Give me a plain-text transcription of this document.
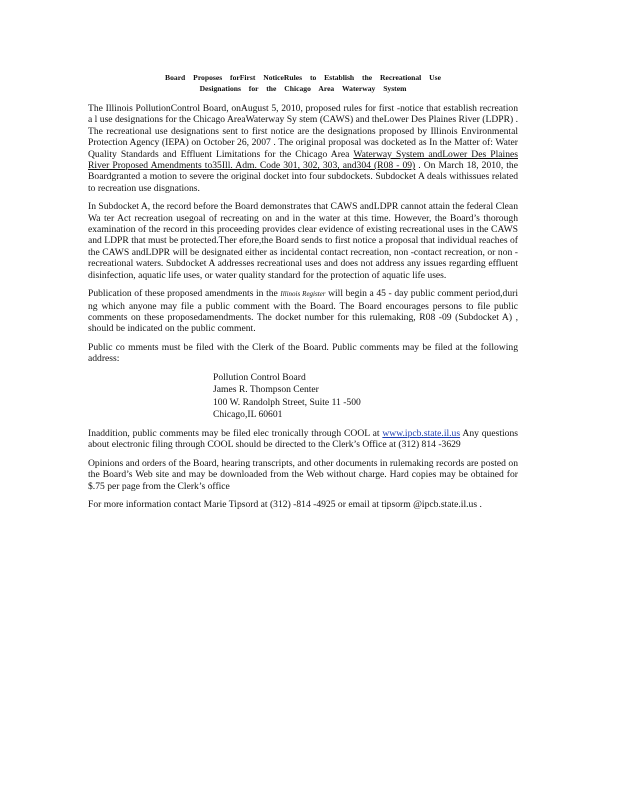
Board Proposes forFirst NoticeRules to Establish the Recreational Use
Designations for the Chicago Area Waterway System

The Illinois PollutionControl Board, onAugust 5, 2010, proposed rules for first -notice that establish recreation a l use designations for the Chicago AreaWaterway Sy stem (CAWS) and theLower Des Plaines River (LDPR) . The recreational use designations sent to first notice are the designations proposed by Illinois Environmental Protection Agency (IEPA) on October 26, 2007 . The original proposal was docketed as In the Matter of: Water Quality Standards and Effluent Limitations for the Chicago Area Waterway System andLower Des Plaines River Proposed Amendments to35Ill. Adm. Code 301, 302, 303, and304 (R08 - 09) . On March 18, 2010, the Boardgranted a motion to severe the original docket into four subdockets. Subdocket A deals withissues related to recreation use disgnations.

In Subdocket A, the record before the Board demonstrates that CAWS andLDPR cannot attain the federal Clean Wa ter Act recreation usegoal of recreating on and in the water at this time. However, the Board’s thorough examination of the record in this proceeding provides clear evidence of existing recreational uses in the CAWS and LDPR that must be protected.Ther efore,the Board sends to first notice a proposal that individual reaches of the CAWS andLDPR will be designated either as incidental contact recreation, non -contact recreation, or non -recreational waters. Subdocket A addresses recreational uses and does not address any issues regarding effluent disinfection, aquatic life uses, or water quality standard for the protection of aquatic life uses.

Publication of these proposed amendments in the Illinois Register will begin a 45 - day public comment period,duri ng which anyone may file a public comment with the Board. The Board encourages persons to file public comments on these proposedamendments. The docket number for this rulemaking, R08 -09 (Subdocket A) , should be indicated on the public comment.

Public co mments must be filed with the Clerk of the Board. Public comments may be filed at the following address:

Pollution Control Board
James R. Thompson Center
100 W. Randolph Street, Suite 11 -500
Chicago,IL 60601

Inaddition, public comments may be filed elec tronically through COOL at www.ipcb.state.il.us Any questions about electronic filing through COOL should be directed to the Clerk’s Office at (312) 814 -3629

Opinions and orders of the Board, hearing transcripts, and other documents in rulemaking records are posted on the Board’s Web site and may be downloaded from the Web without charge. Hard copies may be obtained for $.75 per page from the Clerk’s office

For more information contact Marie Tipsord at (312) -814 -4925 or email at tipsorm @ipcb.state.il.us .
